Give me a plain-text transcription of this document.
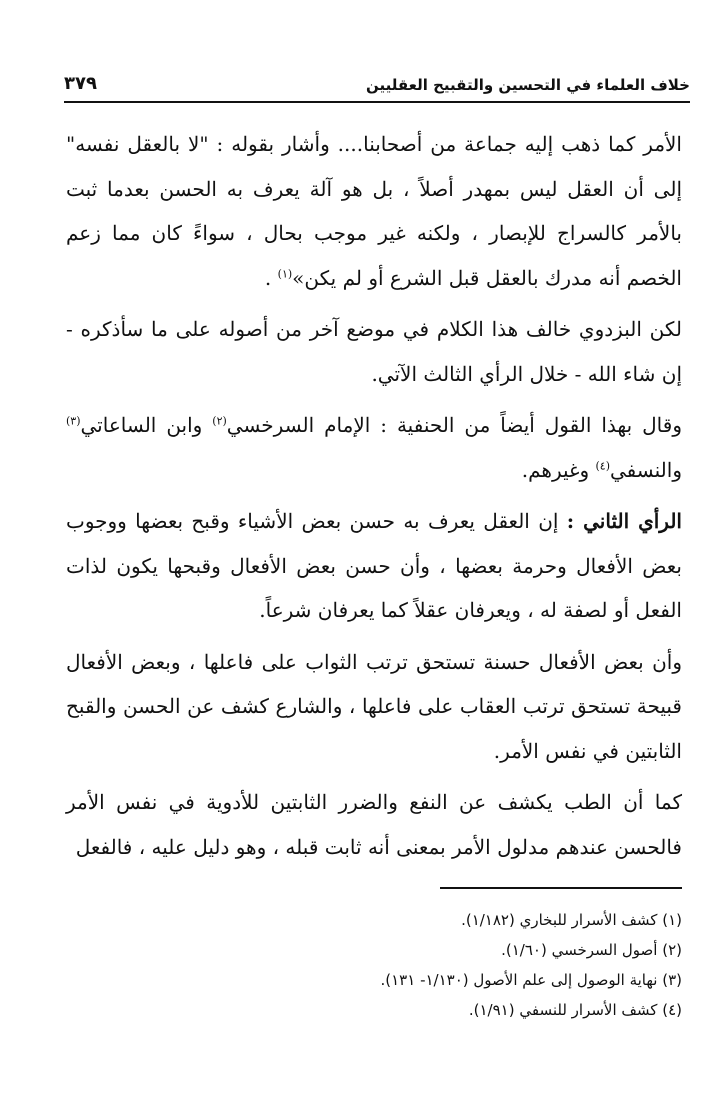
خلاف العلماء في التحسين والتقبيح العقليين
٣٧٩

الأمر كما ذهب إليه جماعة من أصحابنا.... وأشار بقوله : "لا بالعقل نفسه" إلى أن العقل ليس بمهدر أصلاً ، بل هو آلة يعرف به الحسن بعدما ثبت بالأمر كالسراج للإبصار ، ولكنه غير موجب بحال ، سواءً كان مما زعم الخصم أنه مدرك بالعقل قبل الشرع أو لم يكن»$^{(١)}$ .

لكن البزدوي خالف هذا الكلام في موضع آخر من أصوله على ما سأذكره - إن شاء الله - خلال الرأي الثالث الآتي.

وقال بهذا القول أيضاً من الحنفية : الإمام السرخسي$^{(٢)}$ وابن الساعاتي$^{(٣)}$ والنسفي$^{(٤)}$ وغيرهم.

الرأي الثاني : إن العقل يعرف به حسن بعض الأشياء وقبح بعضها ووجوب بعض الأفعال وحرمة بعضها ، وأن حسن بعض الأفعال وقبحها يكون لذات الفعل أو لصفة له ، ويعرفان عقلاً كما يعرفان شرعاً.

وأن بعض الأفعال حسنة تستحق ترتب الثواب على فاعلها ، وبعض الأفعال قبيحة تستحق ترتب العقاب على فاعلها ، والشارع كشف عن الحسن والقبح الثابتين في نفس الأمر.

كما أن الطب يكشف عن النفع والضرر الثابتين للأدوية في نفس الأمر فالحسن عندهم مدلول الأمر بمعنى أنه ثابت قبله ، وهو دليل عليه ، فالفعل

(١) كشف الأسرار للبخاري (١/١٨٢).

(٢) أصول السرخسي (١/٦٠).

(٣) نهاية الوصول إلى علم الأصول (١/١٣٠- ١٣١).

(٤) كشف الأسرار للنسفي (١/٩١).
